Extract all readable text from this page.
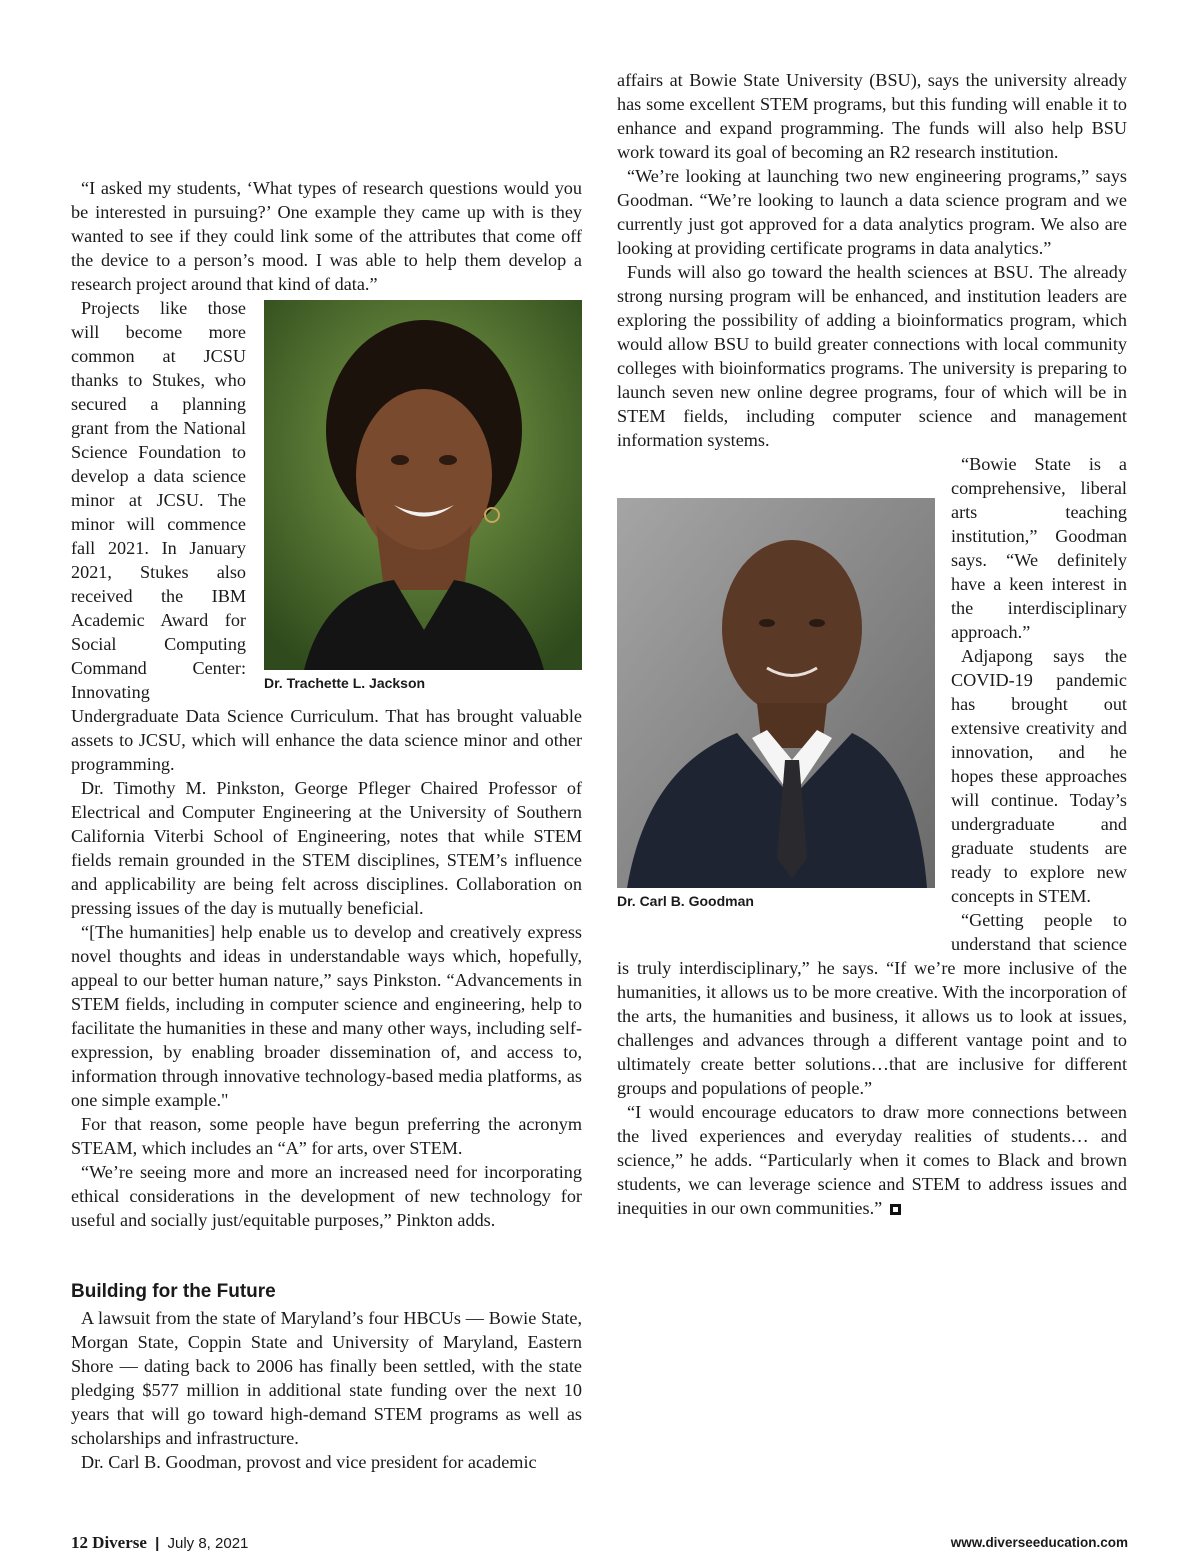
“I asked my students, ‘What types of research questions would you be interested in pursuing?’ One example they came up with is they wanted to see if they could link some of the attributes that come off the device to a person’s mood. I was able to help them develop a research project around that kind of data.”

Dr. Trachette L. Jackson

Projects like those will become more common at JCSU thanks to Stukes, who secured a planning grant from the National Science Foundation to develop a data science minor at JCSU. The minor will commence fall 2021. In January 2021, Stukes also received the IBM Academic Award for Social Computing Command Center: Innovating Undergraduate Data Science Curriculum. That has brought valuable assets to JCSU, which will enhance the data science minor and other programming.

Dr. Timothy M. Pinkston, George Pfleger Chaired Professor of Electrical and Computer Engineering at the University of Southern California Viterbi School of Engineering, notes that while STEM fields remain grounded in the STEM disciplines, STEM’s influence and applicability are being felt across disciplines. Collaboration on pressing issues of the day is mutually beneficial.

“[The humanities] help enable us to develop and creatively express novel thoughts and ideas in understandable ways which, hopefully, appeal to our better human nature,” says Pinkston. “Advancements in STEM fields, including in computer science and engineering, help to facilitate the humanities in these and many other ways, including self-expression, by enabling broader dissemination of, and access to, information through innovative technology-based media platforms, as one simple example."

For that reason, some people have begun preferring the acronym STEAM, which includes an “A” for arts, over STEM.

“We’re seeing more and more an increased need for incorporating ethical considerations in the development of new technology for useful and socially just/equitable purposes,” Pinkton adds.

Building for the Future

A lawsuit from the state of Maryland’s four HBCUs — Bowie State, Morgan State, Coppin State and University of Maryland, Eastern Shore — dating back to 2006 has finally been settled, with the state pledging $577 million in additional state funding over the next 10 years that will go toward high-demand STEM programs as well as scholarships and infrastructure.

Dr. Carl B. Goodman, provost and vice president for academic

affairs at Bowie State University (BSU), says the university already has some excellent STEM programs, but this funding will enable it to enhance and expand programming. The funds will also help BSU work toward its goal of becoming an R2 research institution.

“We’re looking at launching two new engineering programs,” says Goodman. “We’re looking to launch a data science program and we currently just got approved for a data analytics program. We also are looking at providing certificate programs in data analytics.”

Funds will also go toward the health sciences at BSU. The already strong nursing program will be enhanced, and institution leaders are exploring the possibility of adding a bioinformatics program, which would allow BSU to build greater connections with local community colleges with bioinformatics programs. The university is preparing to launch seven new online degree programs, four of which will be in STEM fields, including computer science and management information systems.

Dr. Carl B. Goodman

“Bowie State is a comprehensive, liberal arts teaching institution,” Goodman says. “We definitely have a keen interest in the interdisciplinary approach.”

Adjapong says the COVID-19 pandemic has brought out extensive creativity and innovation, and he hopes these approaches will continue. Today’s undergraduate and graduate students are ready to explore new concepts in STEM.

“Getting people to understand that science is truly interdisciplinary,” he says. “If we’re more inclusive of the humanities, it allows us to be more creative. With the incorporation of the arts, the humanities and business, it allows us to look at issues, challenges and advances through a different vantage point and to ultimately create better solutions…that are inclusive for different groups and populations of people.”

“I would encourage educators to draw more connections between the lived experiences and everyday realities of students… and science,” he adds. “Particularly when it comes to Black and brown students, we can leverage science and STEM to address issues and inequities in our own communities.”

12 Diverse | July 8, 2021	www.diverseeducation.com
